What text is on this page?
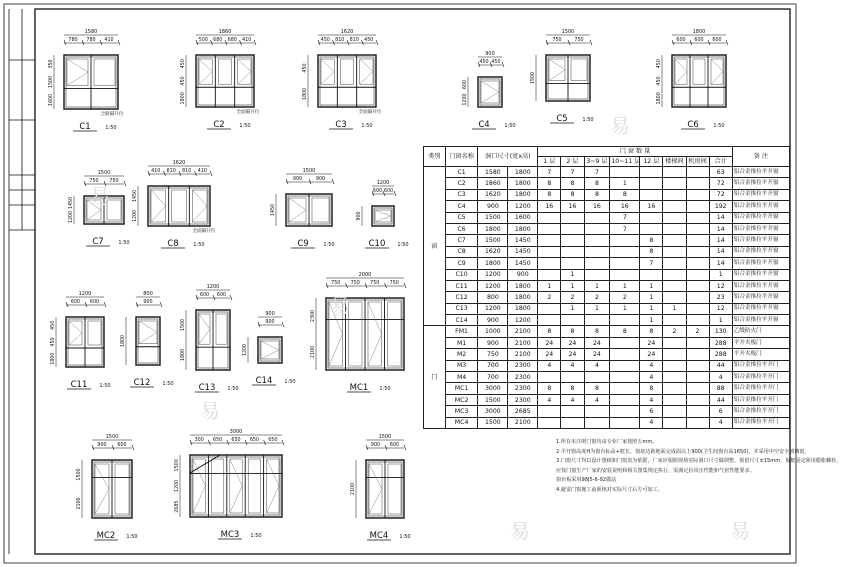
780 780 410
1580
350
1500
1600
C1	1:50
合路隔开位
500 680 680 410
1860
450
450
1800
C2	1:50
全面隔开位
450 810 810 450
1620
450
1800
C3	1:50
全面隔开位
450 450
900
600
1200
C4	1:50
750	750
1500
1500
C5	1:50
600 600 600
1800
450
450
1800
C6	1:50
750 750
1500
1450
1200
C7	1:50
410 810 810 410
1620
1450
1200
C8	1:50
全面隔开位
900	900
1500
1450
C9	1:50
600 600
1200
900
C10 1:50
600 600
1200
450
450
1800
C11 1:50
900
800
1800
C12 1:50
600 600
1200
1500
1800
C13 1:50
900
900
1200
C14 1:50
750 750 750 750
2000
2300
2100
MC1 1:50
900 600
1500
1500
2100
MC2 1:50
300 650 650 650 650
3000
1500
1200
2685
MC3 1:50
900 600
1500
2100
MC4 1:50
类别	门窗名称	洞口尺寸(宽x高)		门 窗 数 量								备 注
				1 层	2 层	3~9 层	10~11 层	12 层	楼梯间	机房间	合计	
窗	C1	1580	1800	7	7	7					63	铝合金推拉平开窗
	C2	1860	1800	8	8	8	1				72	铝合金推拉平开窗
	C3	1620	1800	8	8	8	8				72	铝合金推拉平开窗
	C4	900	1200	16	16	16	16	16			192	铝合金推拉平开窗
	C5	1500	1600				7				14	铝合金推拉平开窗
	C6	1800	1800				7				14	铝合金推拉平开窗
	C7	1500	1450					8			14	铝合金推拉平开窗
	C8	1620	1450					8			14	铝合金推拉平开窗
	C9	1800	1450					7			14	铝合金推拉平开窗
	C10	1200	900		1						1	铝合金推拉平开窗
	C11	1200	1800	1	1	1	1	1			12	铝合金推拉平开窗
	C12	800	1800	2	2	2	2	1			23	铝合金推拉平开窗
	C13	1200	1800		1	1	1	1	1		12	铝合金推拉平开窗
	C14	900	1200					1			1	铝合金推拉平开窗
门	FM1	1000	2100	8	8	8	8	8	2	2	130	乙级防火门
	M1	900	2100	24	24	24		24			288	平开夹板门
	M2	750	2100	24	24	24		24			288	平开夹板门
	M3	700	2300	4	4	4		4			44	铝合金推拉平开门
	M4	700	2300					4			4	铝合金推拉平开门
	MC1	3000	2300	8	8	8		8			88	铝合金推拉平开门
	MC2	1500	2300	4	4	4		4			44	铝合金推拉平开门
	MC3	3000	2685					6			6	铝合金推拉平开门
	MC4	1500	2100					4			4	铝合金推拉平开门
1.所有未注明门窗均由专业厂家按照五mm。
2.平开窗高度H为窗台标高+框长，窗底边距地面完成面以上900(卫生间窗台高1650)，并采用中空安全玻璃窗。
3.门窗尺寸均以设计图纸和门窗表为依据，厂家应根据现场实际洞口尺寸做调整，预留尺寸±15mm，窗框固定须用膨胀螺栓，
应按门窗生产厂家的安装说明和相关图集规定执行，需满足抗风压性能和气密性能要求。
窗台板采用98J5-6-92做法
4.避雷门窗施工前须核对实际尺寸后方可加工。
易
易
易
易
易	易
